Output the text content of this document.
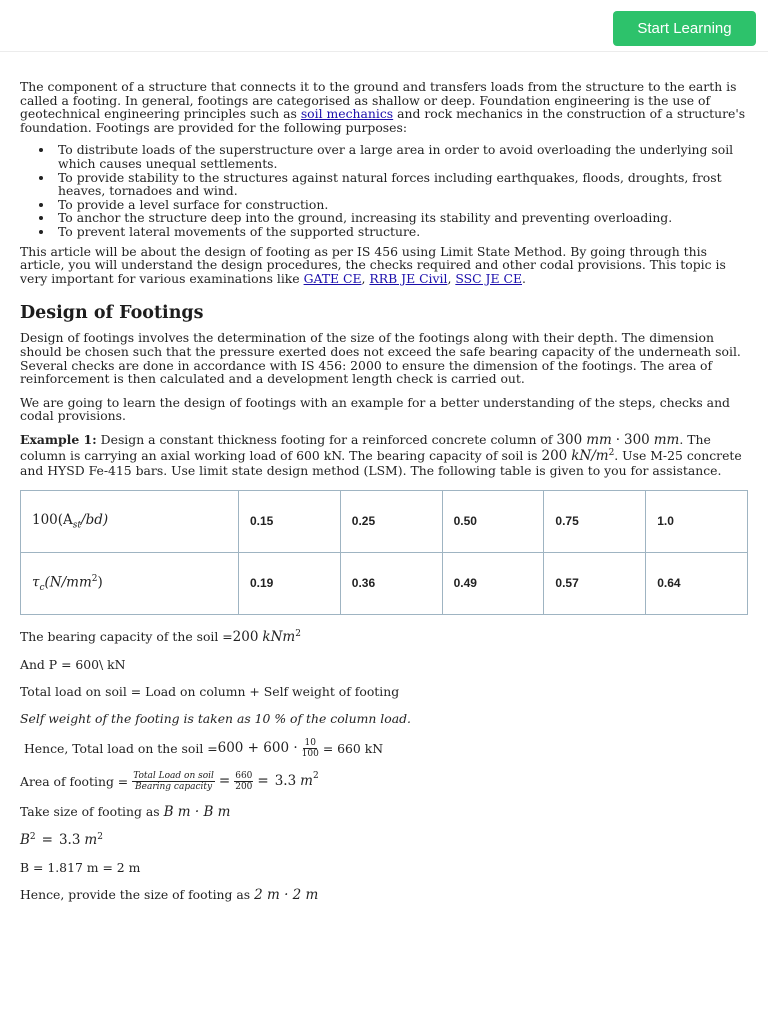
Start Learning

The component of a structure that connects it to the ground and transfers loads from the structure to the earth is called a footing. In general, footings are categorised as shallow or deep. Foundation engineering is the use of geotechnical engineering principles such as soil mechanics and rock mechanics in the construction of a structure's foundation. Footings are provided for the following purposes:

To distribute loads of the superstructure over a large area in order to avoid overloading the underlying soil which causes unequal settlements.
To provide stability to the structures against natural forces including earthquakes, floods, droughts, frost heaves, tornadoes and wind.
To provide a level surface for construction.
To anchor the structure deep into the ground, increasing its stability and preventing overloading.
To prevent lateral movements of the supported structure.

This article will be about the design of footing as per IS 456 using Limit State Method. By going through this article, you will understand the design procedures, the checks required and other codal provisions. This topic is very important for various examinations like GATE CE, RRB JE Civil, SSC JE CE.

Design of Footings

Design of footings involves the determination of the size of the footings along with their depth. The dimension should be chosen such that the pressure exerted does not exceed the safe bearing capacity of the underneath soil. Several checks are done in accordance with IS 456: 2000 to ensure the dimension of the footings. The area of reinforcement is then calculated and a development length check is carried out.

We are going to learn the design of footings with an example for a better understanding of the steps, checks and codal provisions.

Example 1: Design a constant thickness footing for a reinforced concrete column of 300 mm · 300 mm. The column is carrying an axial working load of 600 kN. The bearing capacity of soil is 200 $kN/m^2$. Use M-25 concrete and HYSD Fe-415 bars. Use limit state design method (LSM). The following table is given to you for assistance.

$100(A_{st}/bd)$	0.15	0.25	0.50	0.75	1.0
$\tau_c(N/mm^2)$	0.19	0.36	0.49	0.57	0.64
The bearing capacity of the soil = 200
kNm$^2$
And P = 600\ kN
Total load on soil = Load on column + Self weight of footing
Self weight of the footing is taken as 10 % of the column load.

Hence, Total load on the soil = $600 + 600 \cdot \frac{10}{100} = 660$ kN
Area of footing = $\frac{\text{Total Load on soil}}{\text{Bearing capacity}} = \frac{660}{200} = 3.3$
$m^2$
Take size of footing as
B m · B m
$B^2 = 3.3$
$m^2$
B = 1.817 m = 2 m
Hence, provide the size of footing as
2 m · 2 m
